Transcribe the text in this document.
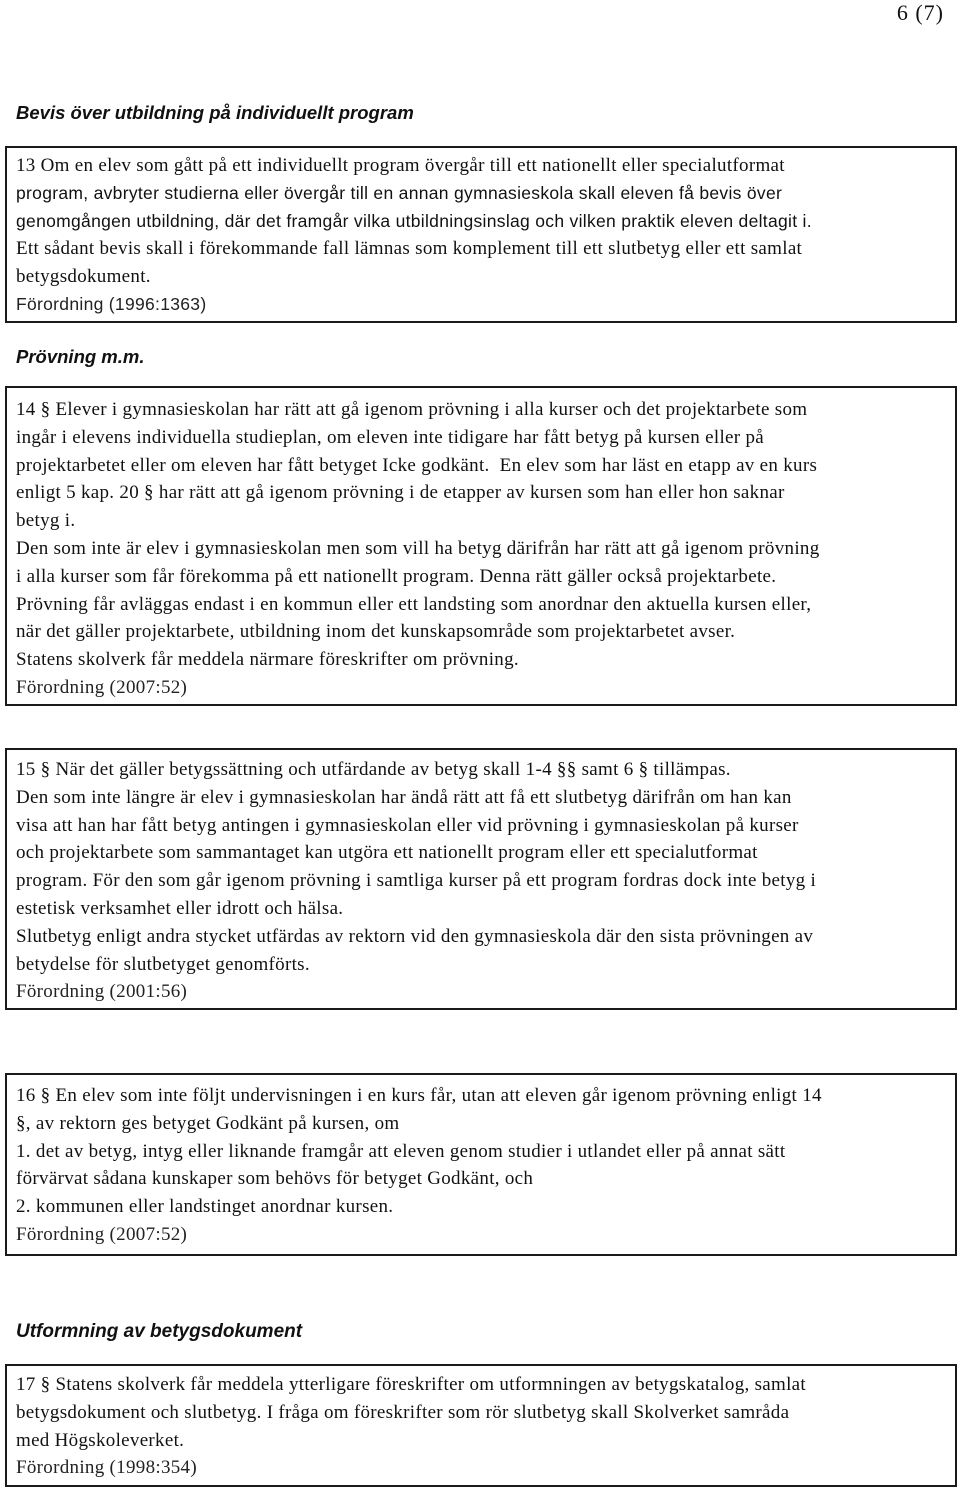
6 (7)
Bevis över utbildning på individuellt program
13 Om en elev som gått på ett individuellt program övergår till ett nationellt eller specialutformat
program, avbryter studierna eller övergår till en annan gymnasieskola skall eleven få bevis över
genomgången utbildning, där det framgår vilka utbildningsinslag och vilken praktik eleven deltagit i.
Ett sådant bevis skall i förekommande fall lämnas som komplement till ett slutbetyg eller ett samlat
betygsdokument.
Förordning (1996:1363)
Prövning m.m.
14 § Elever i gymnasieskolan har rätt att gå igenom prövning i alla kurser och det projektarbete som
ingår i elevens individuella studieplan, om eleven inte tidigare har fått betyg på kursen eller på
projektarbetet eller om eleven har fått betyget Icke godkänt.  En elev som har läst en etapp av en kurs
enligt 5 kap. 20 § har rätt att gå igenom prövning i de etapper av kursen som han eller hon saknar
betyg i.
Den som inte är elev i gymnasieskolan men som vill ha betyg därifrån har rätt att gå igenom prövning
i alla kurser som får förekomma på ett nationellt program. Denna rätt gäller också projektarbete.
Prövning får avläggas endast i en kommun eller ett landsting som anordnar den aktuella kursen eller,
när det gäller projektarbete, utbildning inom det kunskapsområde som projektarbetet avser.
Statens skolverk får meddela närmare föreskrifter om prövning.
Förordning (2007:52)
15 § När det gäller betygssättning och utfärdande av betyg skall 1-4 §§ samt 6 § tillämpas.
Den som inte längre är elev i gymnasieskolan har ändå rätt att få ett slutbetyg därifrån om han kan
visa att han har fått betyg antingen i gymnasieskolan eller vid prövning i gymnasieskolan på kurser
och projektarbete som sammantaget kan utgöra ett nationellt program eller ett specialutformat
program. För den som går igenom prövning i samtliga kurser på ett program fordras dock inte betyg i
estetisk verksamhet eller idrott och hälsa.
Slutbetyg enligt andra stycket utfärdas av rektorn vid den gymnasieskola där den sista prövningen av
betydelse för slutbetyget genomförts.
Förordning (2001:56)
16 § En elev som inte följt undervisningen i en kurs får, utan att eleven går igenom prövning enligt 14
§, av rektorn ges betyget Godkänt på kursen, om
1. det av betyg, intyg eller liknande framgår att eleven genom studier i utlandet eller på annat sätt
förvärvat sådana kunskaper som behövs för betyget Godkänt, och
2. kommunen eller landstinget anordnar kursen.
Förordning (2007:52)
Utformning av betygsdokument
17 § Statens skolverk får meddela ytterligare föreskrifter om utformningen av betygskatalog, samlat
betygsdokument och slutbetyg. I fråga om föreskrifter som rör slutbetyg skall Skolverket samråda
med Högskoleverket.
Förordning (1998:354)
